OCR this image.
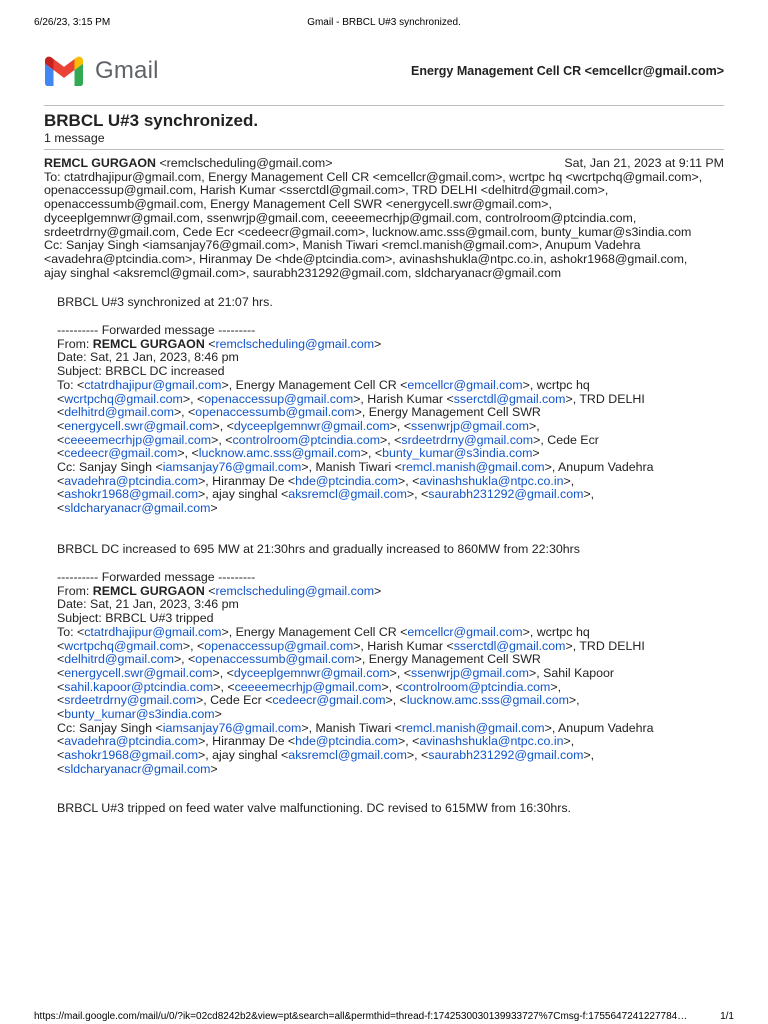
6/26/23, 3:15 PM	Gmail - BRBCL U#3 synchronized.
Gmail	Energy Management Cell CR <emcellcr@gmail.com>
BRBCL U#3 synchronized.
1 message
REMCL GURGAON <remclscheduling@gmail.com>	Sat, Jan 21, 2023 at 9:11 PM
To: ctatrdhajipur@gmail.com, Energy Management Cell CR <emcellcr@gmail.com>, wcrtpc hq <wcrtpchq@gmail.com>,
openaccessup@gmail.com, Harish Kumar <sserctdl@gmail.com>, TRD DELHI <delhitrd@gmail.com>,
openaccessumb@gmail.com, Energy Management Cell SWR <energycell.swr@gmail.com>,
dyceeplgemnwr@gmail.com, ssenwrjp@gmail.com, ceeeemecrhjp@gmail.com, controlroom@ptcindia.com,
srdeetrdrny@gmail.com, Cede Ecr <cedeecr@gmail.com>, lucknow.amc.sss@gmail.com, bunty_kumar@s3india.com
Cc: Sanjay Singh <iamsanjay76@gmail.com>, Manish Tiwari <remcl.manish@gmail.com>, Anupum Vadehra
<avadehra@ptcindia.com>, Hiranmay De <hde@ptcindia.com>, avinashshukla@ntpc.co.in, ashokr1968@gmail.com,
ajay singhal <aksremcl@gmail.com>, saurabh231292@gmail.com, sldcharyanacr@gmail.com
BRBCL U#3 synchronized at 21:07 hrs.
---------- Forwarded message ---------
From: REMCL GURGAON <remclscheduling@gmail.com>
Date: Sat, 21 Jan, 2023, 8:46 pm
Subject: BRBCL DC increased
To: <ctatrdhajipur@gmail.com>, Energy Management Cell CR <emcellcr@gmail.com>, wcrtpc hq
<wcrtpchq@gmail.com>, <openaccessup@gmail.com>, Harish Kumar <sserctdl@gmail.com>, TRD DELHI
<delhitrd@gmail.com>, <openaccessumb@gmail.com>, Energy Management Cell SWR
<energycell.swr@gmail.com>, <dyceeplgemnwr@gmail.com>, <ssenwrjp@gmail.com>,
<ceeeemecrhjp@gmail.com>, <controlroom@ptcindia.com>, <srdeetrdrny@gmail.com>, Cede Ecr
<cedeecr@gmail.com>, <lucknow.amc.sss@gmail.com>, <bunty_kumar@s3india.com>
Cc: Sanjay Singh <iamsanjay76@gmail.com>, Manish Tiwari <remcl.manish@gmail.com>, Anupum Vadehra
<avadehra@ptcindia.com>, Hiranmay De <hde@ptcindia.com>, <avinashshukla@ntpc.co.in>,
<ashokr1968@gmail.com>, ajay singhal <aksremcl@gmail.com>, <saurabh231292@gmail.com>,
<sldcharyanacr@gmail.com>
BRBCL DC increased to 695 MW at 21:30hrs and gradually increased to 860MW from 22:30hrs
---------- Forwarded message ---------
From: REMCL GURGAON <remclscheduling@gmail.com>
Date: Sat, 21 Jan, 2023, 3:46 pm
Subject: BRBCL U#3 tripped
To: <ctatrdhajipur@gmail.com>, Energy Management Cell CR <emcellcr@gmail.com>, wcrtpc hq
<wcrtpchq@gmail.com>, <openaccessup@gmail.com>, Harish Kumar <sserctdl@gmail.com>, TRD DELHI
<delhitrd@gmail.com>, <openaccessumb@gmail.com>, Energy Management Cell SWR
<energycell.swr@gmail.com>, <dyceeplgemnwr@gmail.com>, <ssenwrjp@gmail.com>, Sahil Kapoor
<sahil.kapoor@ptcindia.com>, <ceeeemecrhjp@gmail.com>, <controlroom@ptcindia.com>,
<srdeetrdrny@gmail.com>, Cede Ecr <cedeecr@gmail.com>, <lucknow.amc.sss@gmail.com>,
<bunty_kumar@s3india.com>
Cc: Sanjay Singh <iamsanjay76@gmail.com>, Manish Tiwari <remcl.manish@gmail.com>, Anupum Vadehra
<avadehra@ptcindia.com>, Hiranmay De <hde@ptcindia.com>, <avinashshukla@ntpc.co.in>,
<ashokr1968@gmail.com>, ajay singhal <aksremcl@gmail.com>, <saurabh231292@gmail.com>,
<sldcharyanacr@gmail.com>
BRBCL U#3 tripped on feed water valve malfunctioning. DC revised to 615MW from 16:30hrs.
https://mail.google.com/mail/u/0/?ik=02cd8242b2&view=pt&search=all&permthid=thread-f:1742530030139933727%7Cmsg-f:1755647241227784…	1/1
